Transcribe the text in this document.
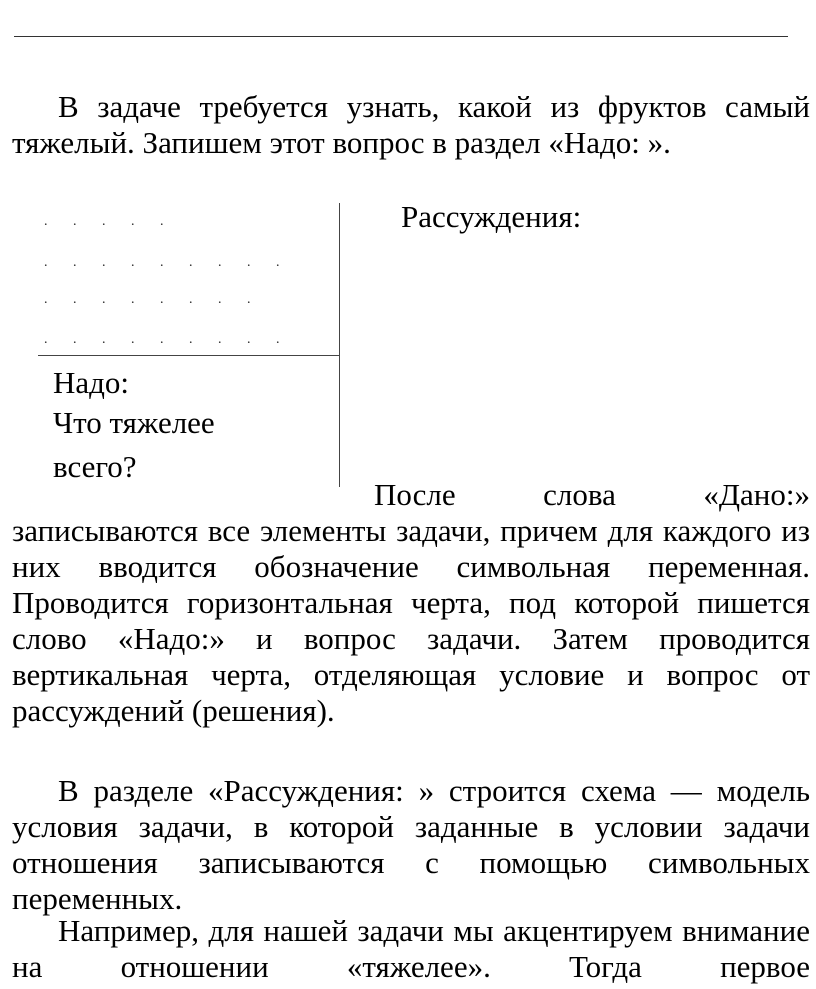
В задаче требуется узнать, какой из фруктов самый тяжелый. Запишем этот вопрос в раздел «Надо: ».

. . . . .
. . . . . . . . .
. . . . . . . .
. . . . . . . . .
Надо:
Что тяжелее всего?
Рассуждения:

После слова «Дано:»
записываются все элементы задачи, причем для каждого из них вводится обозначение символьная переменная. Проводится горизонтальная черта, под которой пишется слово «Надо:» и вопрос задачи. Затем проводится вертикальная черта, отделяющая условие и вопрос от рассуждений (решения).

В разделе «Рассуждения: » строится схема — модель условия задачи, в которой заданные в условии задачи отношения записываются с помощью символьных переменных.

Например, для нашей задачи мы акцентируем внимание на отношении «тяжелее». Тогда первое
